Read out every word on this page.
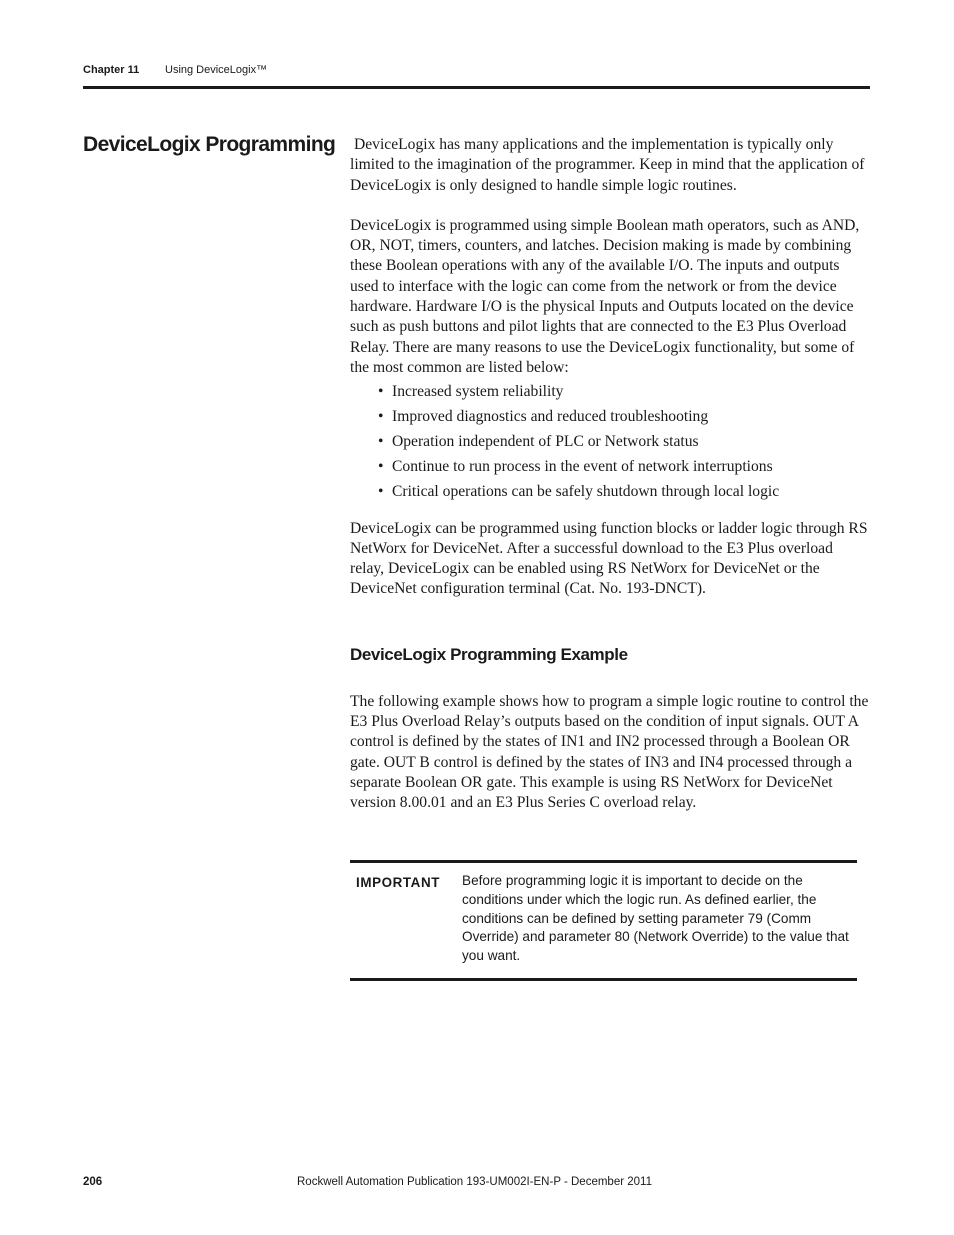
Chapter 11 Using DeviceLogix™
DeviceLogix Programming	DeviceLogix has many applications and the implementation is typically only limited to the imagination of the programmer. Keep in mind that the application of DeviceLogix is only designed to handle simple logic routines.

DeviceLogix is programmed using simple Boolean math operators, such as AND, OR, NOT, timers, counters, and latches. Decision making is made by combining these Boolean operations with any of the available I/O. The inputs and outputs used to interface with the logic can come from the network or from the device hardware. Hardware I/O is the physical Inputs and Outputs located on the device such as push buttons and pilot lights that are connected to the E3 Plus Overload Relay. There are many reasons to use the DeviceLogix functionality, but some of the most common are listed below:

• Increased system reliability
• Improved diagnostics and reduced troubleshooting
• Operation independent of PLC or Network status
• Continue to run process in the event of network interruptions
• Critical operations can be safely shutdown through local logic

DeviceLogix can be programmed using function blocks or ladder logic through RS NetWorx for DeviceNet. After a successful download to the E3 Plus overload relay, DeviceLogix can be enabled using RS NetWorx for DeviceNet or the DeviceNet configuration terminal (Cat. No. 193-DNCT).

DeviceLogix Programming Example

The following example shows how to program a simple logic routine to control the E3 Plus Overload Relay’s outputs based on the condition of input signals. OUT A control is defined by the states of IN1 and IN2 processed through a Boolean OR gate. OUT B control is defined by the states of IN3 and IN4 processed through a separate Boolean OR gate. This example is using RS NetWorx for DeviceNet version 8.00.01 and an E3 Plus Series C overload relay.

IMPORTANT	Before programming logic it is important to decide on the conditions under which the logic run. As defined earlier, the conditions can be defined by setting parameter 79 (Comm Override) and parameter 80 (Network Override) to the value that you want.
206	Rockwell Automation Publication 193-UM002I-EN-P - December 2011
